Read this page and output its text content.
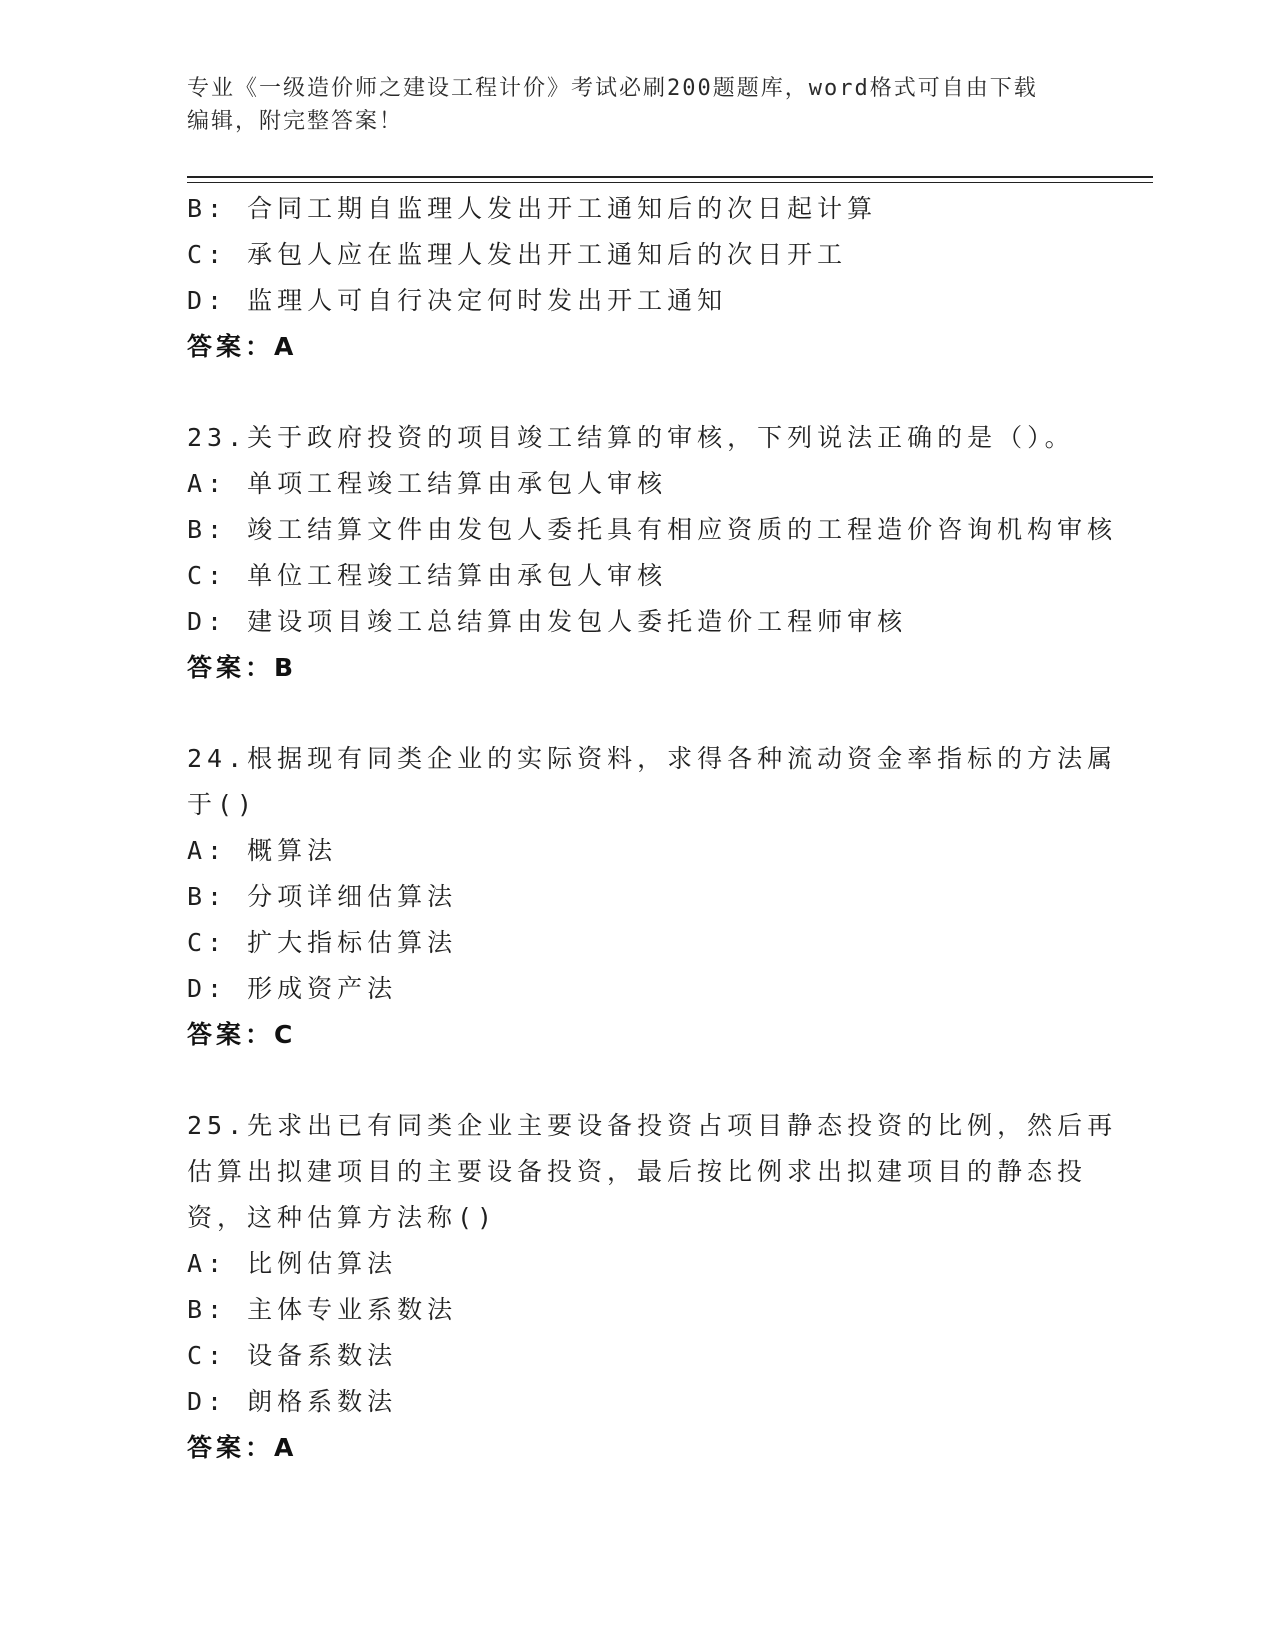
专业《一级造价师之建设工程计价》考试必刷200题题库，word格式可自由下载
编辑，附完整答案！
B: 合同工期自监理人发出开工通知后的次日起计算
C: 承包人应在监理人发出开工通知后的次日开工
D: 监理人可自行决定何时发出开工通知
答案：A
23.关于政府投资的项目竣工结算的审核，下列说法正确的是（）。
A: 单项工程竣工结算由承包人审核
B: 竣工结算文件由发包人委托具有相应资质的工程造价咨询机构审核
C: 单位工程竣工结算由承包人审核
D: 建设项目竣工总结算由发包人委托造价工程师审核
答案：B
24.根据现有同类企业的实际资料，求得各种流动资金率指标的方法属
于()
A: 概算法
B: 分项详细估算法
C: 扩大指标估算法
D: 形成资产法
答案：C
25.先求出已有同类企业主要设备投资占项目静态投资的比例，然后再
估算出拟建项目的主要设备投资，最后按比例求出拟建项目的静态投
资，这种估算方法称()
A: 比例估算法
B: 主体专业系数法
C: 设备系数法
D: 朗格系数法
答案：A
